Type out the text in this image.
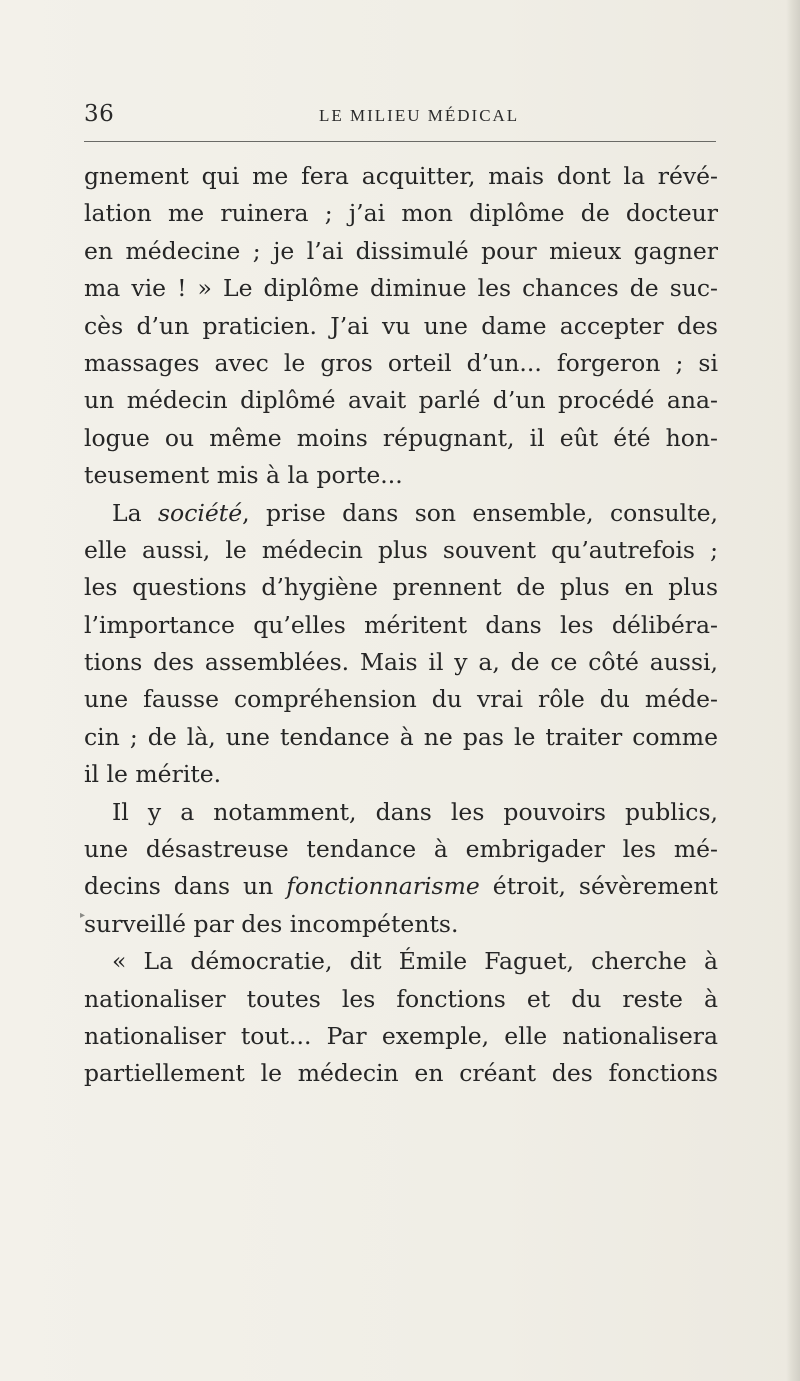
36	LE MILIEU MÉDICAL
gnement qui me fera acquitter, mais dont la révé-
lation me ruinera ; j’ai mon diplôme de docteur
en médecine ; je l’ai dissimulé pour mieux gagner
ma vie ! » Le diplôme diminue les chances de suc-
cès d’un praticien. J’ai vu une dame accepter des
massages avec le gros orteil d’un... forgeron ; si
un médecin diplômé avait parlé d’un procédé ana-
logue ou même moins répugnant, il eût été hon-
teusement mis à la porte...
La société, prise dans son ensemble, consulte,
elle aussi, le médecin plus souvent qu’autrefois ;
les questions d’hygiène prennent de plus en plus
l’importance qu’elles méritent dans les délibéra-
tions des assemblées. Mais il y a, de ce côté aussi,
une fausse compréhension du vrai rôle du méde-
cin ; de là, une tendance à ne pas le traiter comme
il le mérite.
Il y a notamment, dans les pouvoirs publics,
une désastreuse tendance à embrigader les mé-
decins dans un fonctionnarisme étroit, sévèrement
surveillé par des incompétents.
« La démocratie, dit Émile Faguet, cherche à
nationaliser toutes les fonctions et du reste à
nationaliser tout... Par exemple, elle nationalisera
partiellement le médecin en créant des fonctions
▸
